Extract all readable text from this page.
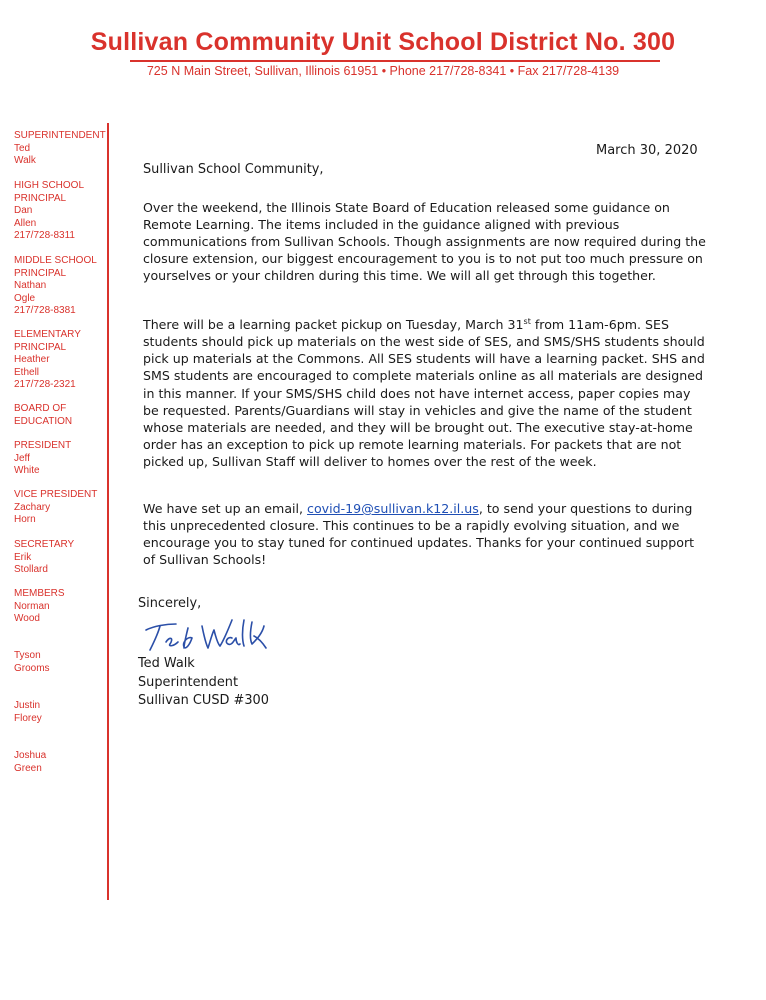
Sullivan Community Unit School District No. 300
725 N Main Street, Sullivan, Illinois 61951 • Phone 217/728-8341 • Fax 217/728-4139
SUPERINTENDENT
Ted
Walk
HIGH SCHOOL
PRINCIPAL
Dan
Allen
217/728-8311
MIDDLE SCHOOL
PRINCIPAL
Nathan
Ogle
217/728-8381
ELEMENTARY
PRINCIPAL
Heather
Ethell
217/728-2321
BOARD OF
EDUCATION
PRESIDENT
Jeff
White
VICE PRESIDENT
Zachary
Horn
SECRETARY
Erik
Stollard
MEMBERS
Norman
Wood
Tyson
Grooms
Justin
Florey
Joshua
Green
March 30, 2020
Sullivan School Community,
Over the weekend, the Illinois State Board of Education released some guidance on Remote Learning. The items included in the guidance aligned with previous communications from Sullivan Schools. Though assignments are now required during the closure extension, our biggest encouragement to you is to not put too much pressure on yourselves or your children during this time. We will all get through this together.
There will be a learning packet pickup on Tuesday, March 31st from 11am-6pm. SES students should pick up materials on the west side of SES, and SMS/SHS students should pick up materials at the Commons. All SES students will have a learning packet. SHS and SMS students are encouraged to complete materials online as all materials are designed in this manner. If your SMS/SHS child does not have internet access, paper copies may be requested. Parents/Guardians will stay in vehicles and give the name of the student whose materials are needed, and they will be brought out. The executive stay-at-home order has an exception to pick up remote learning materials. For packets that are not picked up, Sullivan Staff will deliver to homes over the rest of the week.
We have set up an email, covid-19@sullivan.k12.il.us, to send your questions to during this unprecedented closure. This continues to be a rapidly evolving situation, and we encourage you to stay tuned for continued updates. Thanks for your continued support of Sullivan Schools!
Sincerely,
Ted Walk
Superintendent
Sullivan CUSD #300
